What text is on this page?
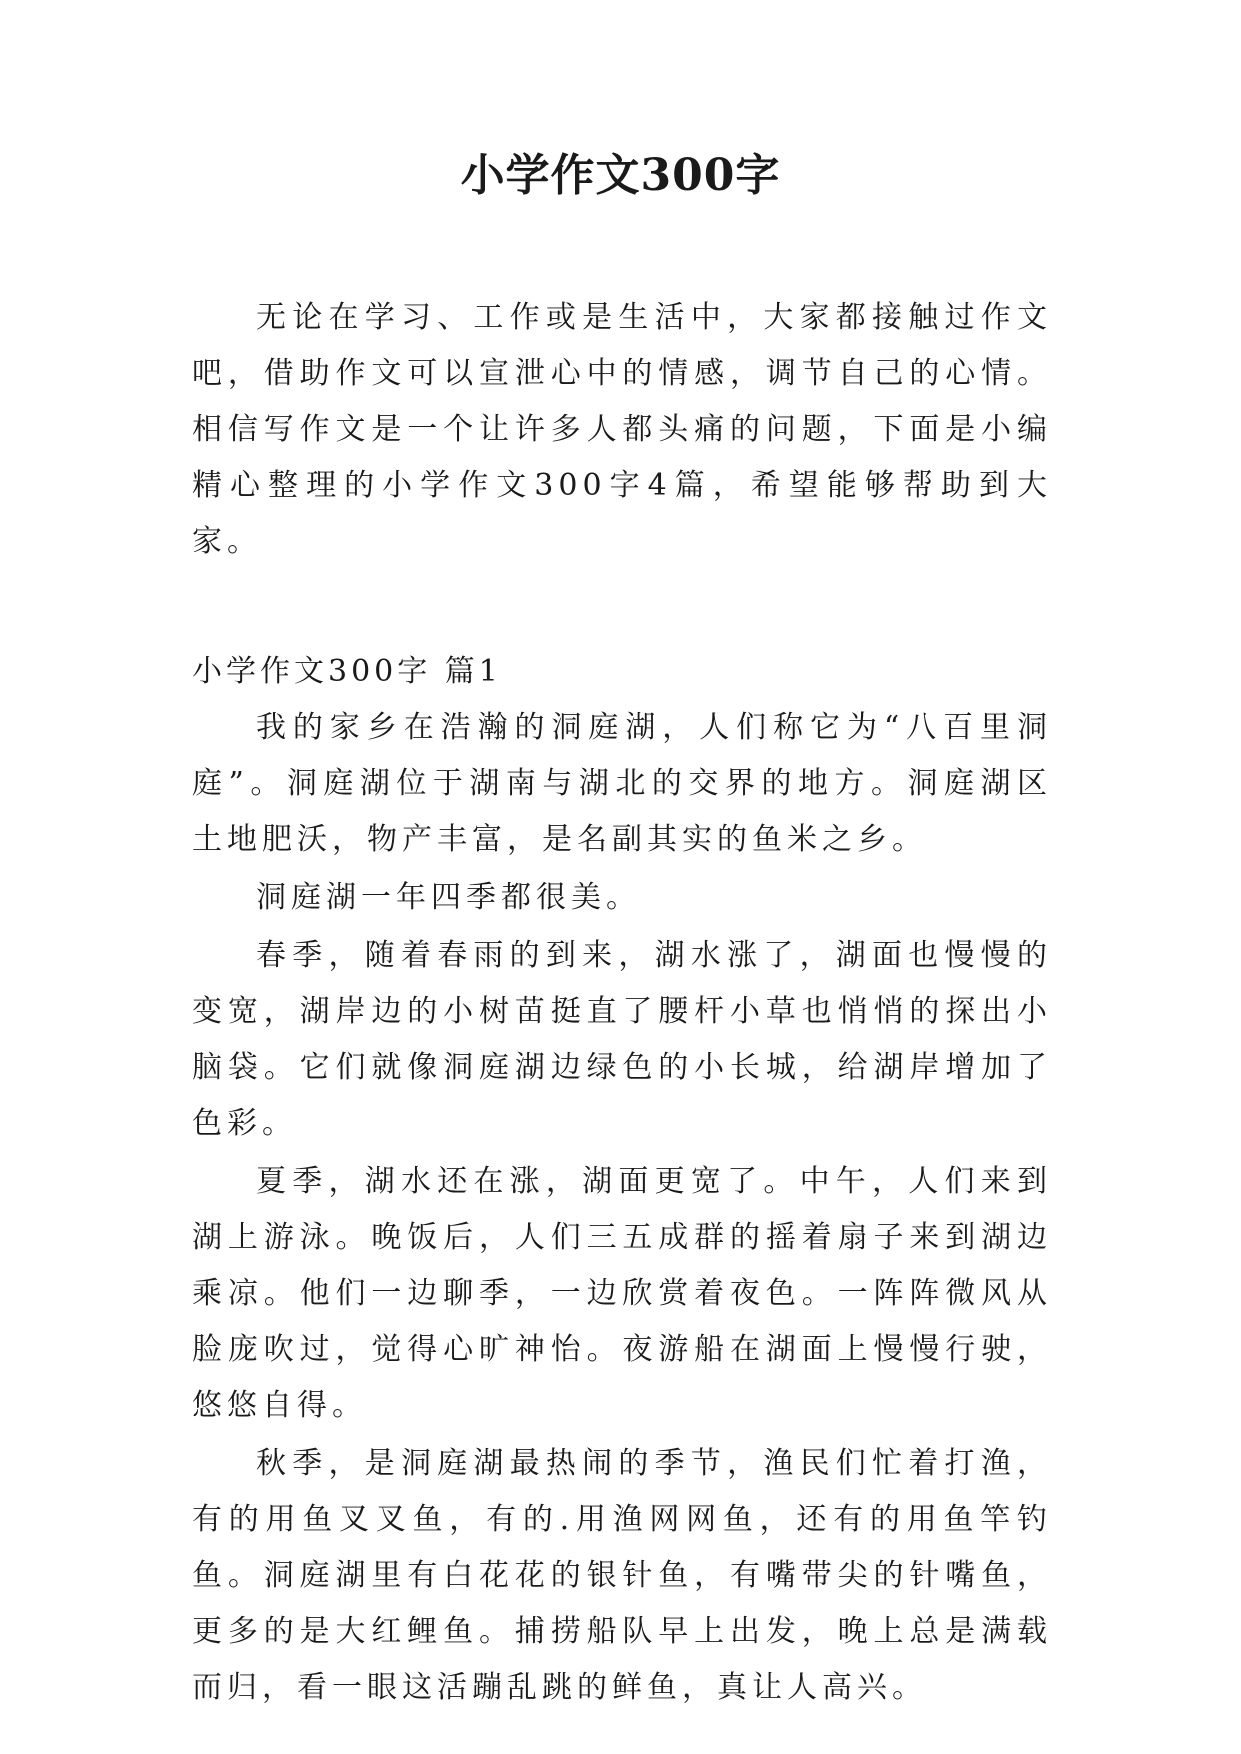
小学作文300字

无论在学习、工作或是生活中，大家都接触过作文吧，借助作文可以宣泄心中的情感，调节自己的心情。相信写作文是一个让许多人都头痛的问题，下面是小编精心整理的小学作文300字4篇，希望能够帮助到大家。

小学作文300字 篇1

我的家乡在浩瀚的洞庭湖，人们称它为“八百里洞庭”。洞庭湖位于湖南与湖北的交界的地方。洞庭湖区土地肥沃，物产丰富，是名副其实的鱼米之乡。

洞庭湖一年四季都很美。

春季，随着春雨的到来，湖水涨了，湖面也慢慢的变宽，湖岸边的小树苗挺直了腰杆小草也悄悄的探出小脑袋。它们就像洞庭湖边绿色的小长城，给湖岸增加了色彩。

夏季，湖水还在涨，湖面更宽了。中午，人们来到湖上游泳。晚饭后，人们三五成群的摇着扇子来到湖边乘凉。他们一边聊季，一边欣赏着夜色。一阵阵微风从脸庞吹过，觉得心旷神怡。夜游船在湖面上慢慢行驶，悠悠自得。

秋季，是洞庭湖最热闹的季节，渔民们忙着打渔，有的用鱼叉叉鱼，有的.用渔网网鱼，还有的用鱼竿钓鱼。洞庭湖里有白花花的银针鱼，有嘴带尖的针嘴鱼，更多的是大红鲤鱼。捕捞船队早上出发，晚上总是满载而归，看一眼这活蹦乱跳的鲜鱼，真让人高兴。
